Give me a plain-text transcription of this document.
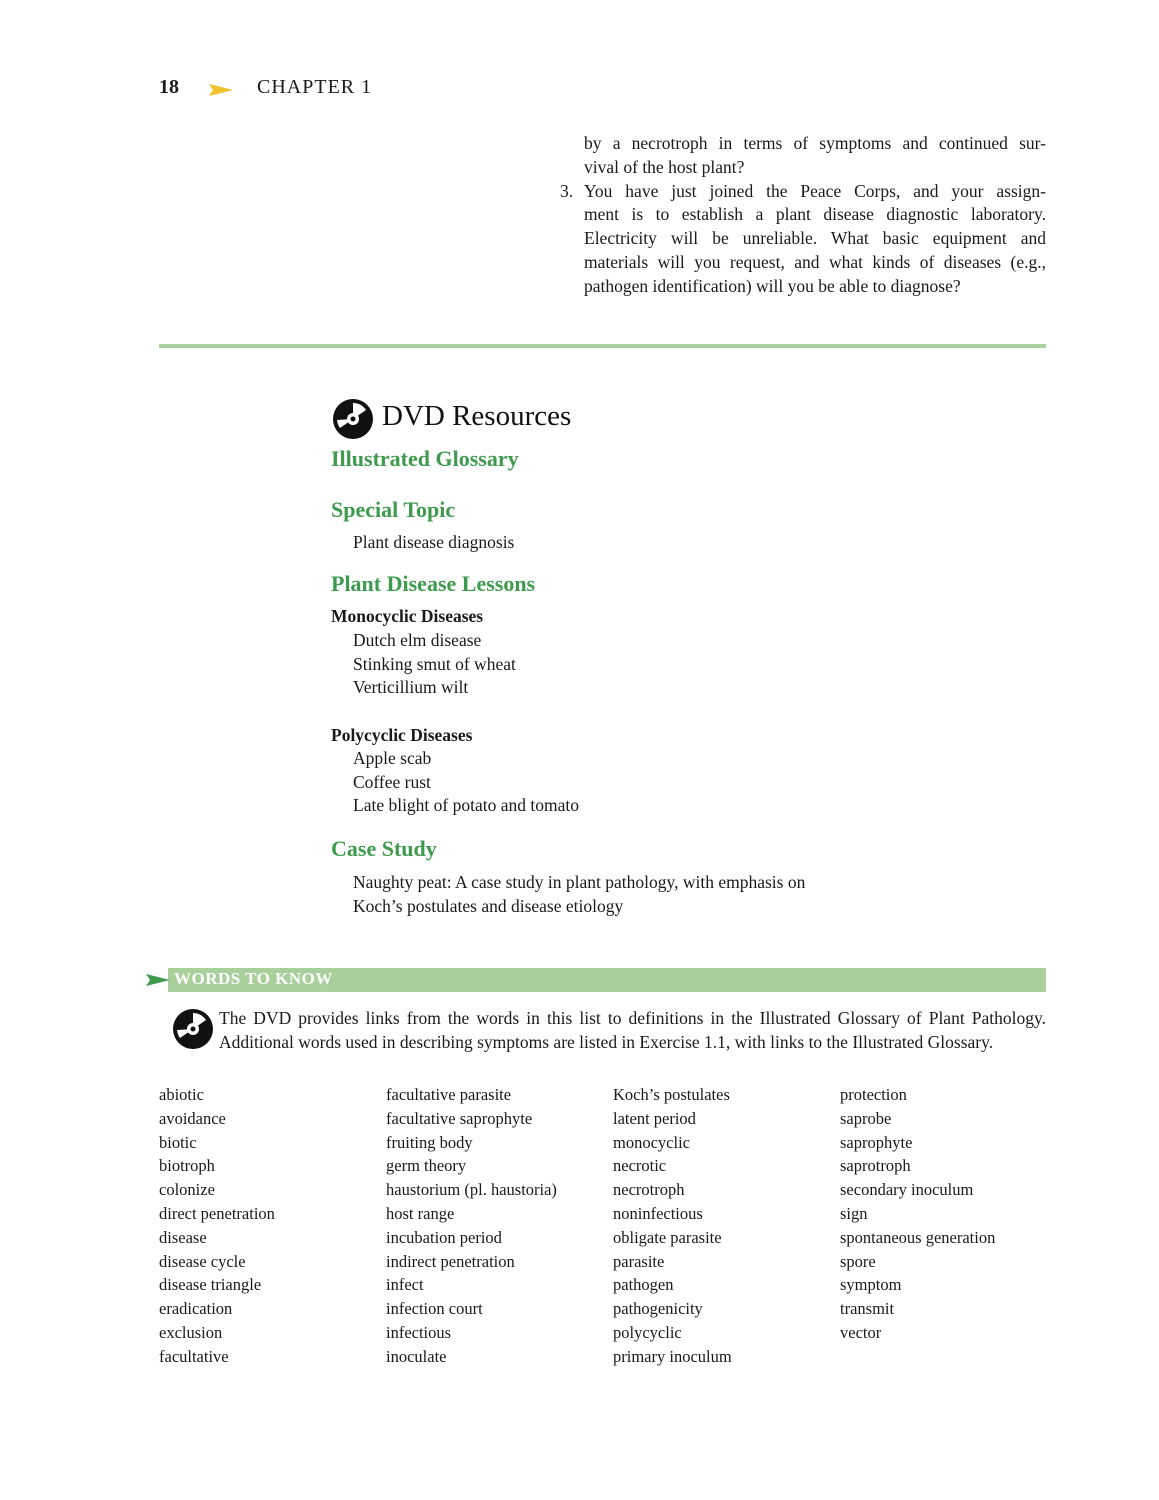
18	CHAPTER 1
by a necrotroph in terms of symptoms and continued sur-
vival of the host plant?
3. You have just joined the Peace Corps, and your assign-
ment is to establish a plant disease diagnostic laboratory.
Electricity will be unreliable. What basic equipment and
materials will you request, and what kinds of diseases (e.g.,
pathogen identification) will you be able to diagnose?
DVD Resources
Illustrated Glossary
Special Topic
Plant disease diagnosis
Plant Disease Lessons
Monocyclic Diseases
Dutch elm disease
Stinking smut of wheat
Verticillium wilt
Polycyclic Diseases
Apple scab
Coffee rust
Late blight of potato and tomato
Case Study
Naughty peat: A case study in plant pathology, with emphasis on
Koch’s postulates and disease etiology
WORDS TO KNOW
The DVD provides links from the words in this list to definitions in the Illustrated Glossary of Plant Pathology. Additional words used in describing symptoms are listed in Exercise 1.1, with links to the Illustrated Glossary.
abiotic
avoidance
biotic
biotroph
colonize
direct penetration
disease
disease cycle
disease triangle
eradication
exclusion
facultative
facultative parasite
facultative saprophyte
fruiting body
germ theory
haustorium (pl. haustoria)
host range
incubation period
indirect penetration
infect
infection court
infectious
inoculate
Koch’s postulates
latent period
monocyclic
necrotic
necrotroph
noninfectious
obligate parasite
parasite
pathogen
pathogenicity
polycyclic
primary inoculum
protection
saprobe
saprophyte
saprotroph
secondary inoculum
sign
spontaneous generation
spore
symptom
transmit
vector
